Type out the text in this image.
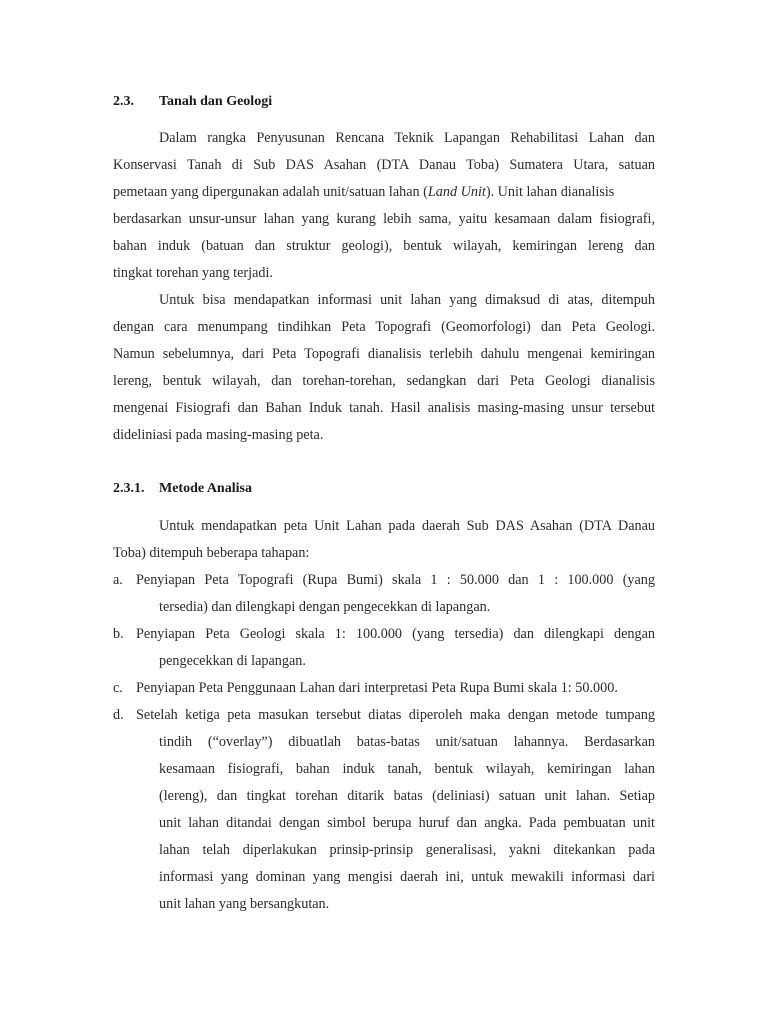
2.3. Tanah dan Geologi
Dalam rangka Penyusunan Rencana Teknik Lapangan Rehabilitasi Lahan dan
Konservasi Tanah di Sub DAS Asahan (DTA Danau Toba) Sumatera Utara, satuan
pemetaan yang dipergunakan adalah unit/satuan lahan (Land Unit). Unit lahan dianalisis
berdasarkan unsur-unsur lahan yang kurang lebih sama, yaitu kesamaan dalam fisiografi,
bahan induk (batuan dan struktur geologi), bentuk wilayah, kemiringan lereng dan
tingkat torehan yang terjadi.
Untuk bisa mendapatkan informasi unit lahan yang dimaksud di atas, ditempuh
dengan cara menumpang tindihkan Peta Topografi (Geomorfologi) dan Peta Geologi.
Namun sebelumnya, dari Peta Topografi dianalisis terlebih dahulu mengenai kemiringan
lereng, bentuk wilayah, dan torehan-torehan, sedangkan dari Peta Geologi dianalisis
mengenai Fisiografi dan Bahan Induk tanah. Hasil analisis masing-masing unsur tersebut
dideliniasi pada masing-masing peta.
2.3.1. Metode Analisa
Untuk mendapatkan peta Unit Lahan pada daerah Sub DAS Asahan (DTA Danau
Toba) ditempuh beberapa tahapan:
a. Penyiapan Peta Topografi (Rupa Bumi) skala 1 : 50.000 dan 1 : 100.000 (yang
tersedia) dan dilengkapi dengan pengecekkan di lapangan.
b. Penyiapan Peta Geologi skala 1: 100.000 (yang tersedia) dan dilengkapi dengan
pengecekkan di lapangan.
c. Penyiapan Peta Penggunaan Lahan dari interpretasi Peta Rupa Bumi skala 1: 50.000.
d. Setelah ketiga peta masukan tersebut diatas diperoleh maka dengan metode tumpang
tindih (“overlay”) dibuatlah batas-batas unit/satuan lahannya. Berdasarkan
kesamaan fisiografi, bahan induk tanah, bentuk wilayah, kemiringan lahan
(lereng), dan tingkat torehan ditarik batas (deliniasi) satuan unit lahan. Setiap
unit lahan ditandai dengan simbol berupa huruf dan angka. Pada pembuatan unit
lahan telah diperlakukan prinsip-prinsip generalisasi, yakni ditekankan pada
informasi yang dominan yang mengisi daerah ini, untuk mewakili informasi dari
unit lahan yang bersangkutan.
